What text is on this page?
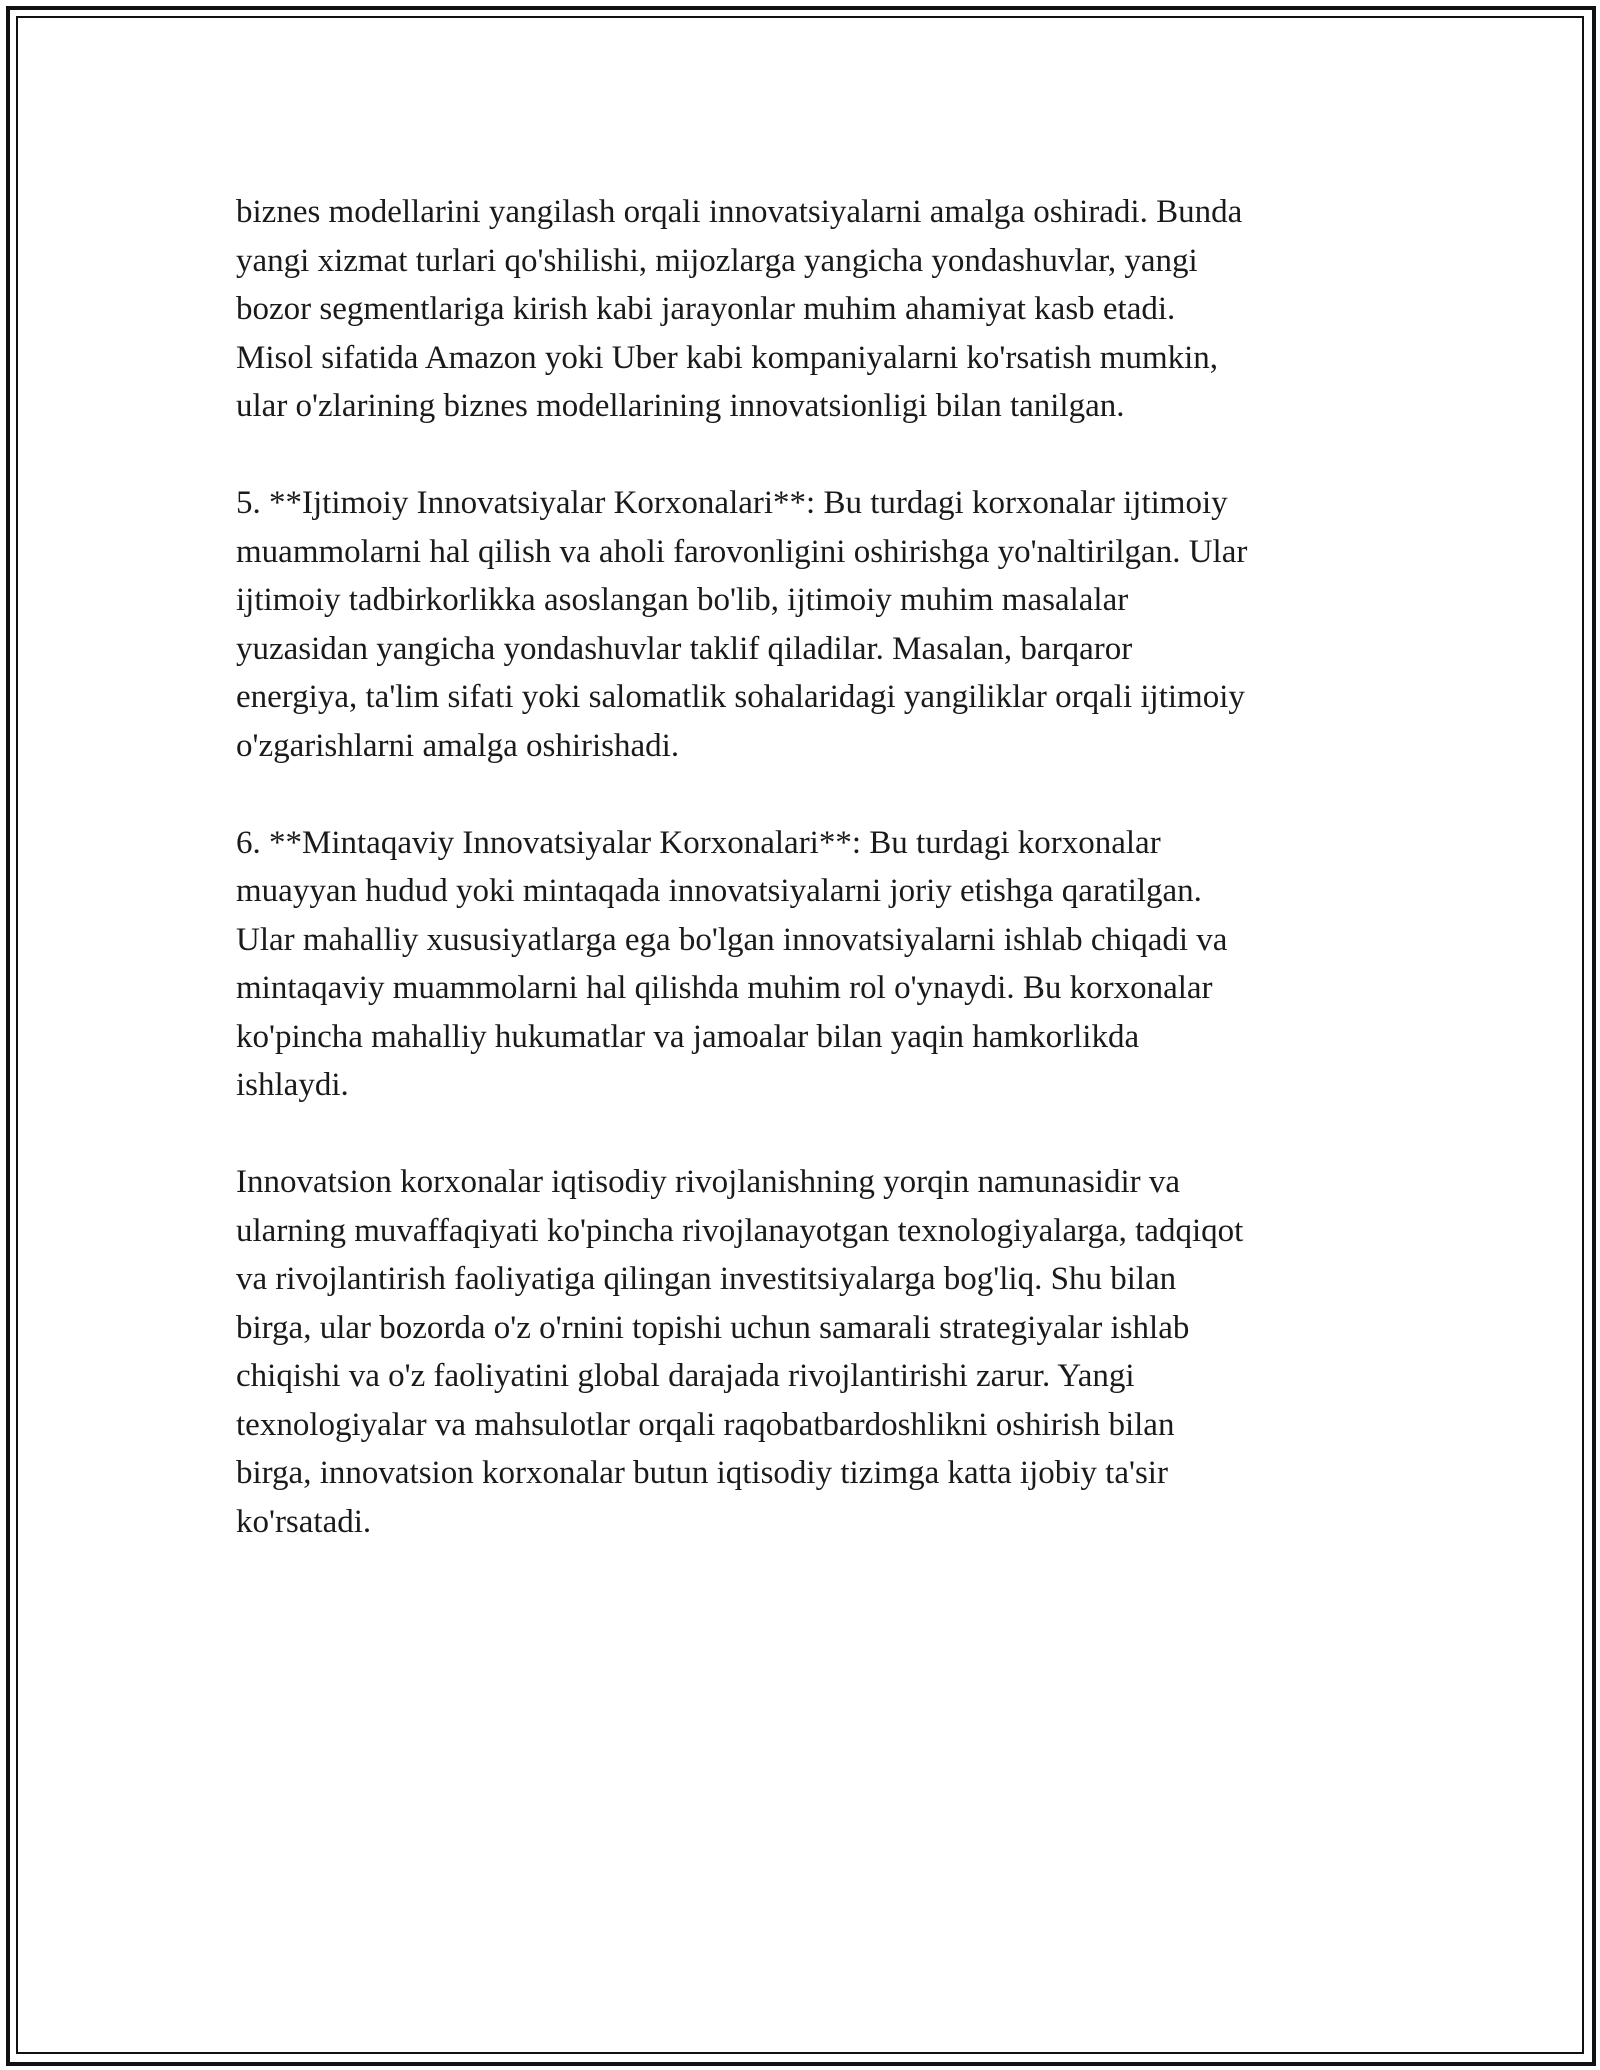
biznes modellarini yangilash orqali innovatsiyalarni amalga oshiradi. Bunda
yangi xizmat turlari qo'shilishi, mijozlarga yangicha yondashuvlar, yangi
bozor segmentlariga kirish kabi jarayonlar muhim ahamiyat kasb etadi.
Misol sifatida Amazon yoki Uber kabi kompaniyalarni ko'rsatish mumkin,
ular o'zlarining biznes modellarining innovatsionligi bilan tanilgan.

5. **Ijtimoiy Innovatsiyalar Korxonalari**: Bu turdagi korxonalar ijtimoiy
muammolarni hal qilish va aholi farovonligini oshirishga yo'naltirilgan. Ular
ijtimoiy tadbirkorlikka asoslangan bo'lib, ijtimoiy muhim masalalar
yuzasidan yangicha yondashuvlar taklif qiladilar. Masalan, barqaror
energiya, ta'lim sifati yoki salomatlik sohalaridagi yangiliklar orqali ijtimoiy
o'zgarishlarni amalga oshirishadi.

6. **Mintaqaviy Innovatsiyalar Korxonalari**: Bu turdagi korxonalar
muayyan hudud yoki mintaqada innovatsiyalarni joriy etishga qaratilgan.
Ular mahalliy xususiyatlarga ega bo'lgan innovatsiyalarni ishlab chiqadi va
mintaqaviy muammolarni hal qilishda muhim rol o'ynaydi. Bu korxonalar
ko'pincha mahalliy hukumatlar va jamoalar bilan yaqin hamkorlikda
ishlaydi.

Innovatsion korxonalar iqtisodiy rivojlanishning yorqin namunasidir va
ularning muvaffaqiyati ko'pincha rivojlanayotgan texnologiyalarga, tadqiqot
va rivojlantirish faoliyatiga qilingan investitsiyalarga bog'liq. Shu bilan
birga, ular bozorda o'z o'rnini topishi uchun samarali strategiyalar ishlab
chiqishi va o'z faoliyatini global darajada rivojlantirishi zarur. Yangi
texnologiyalar va mahsulotlar orqali raqobatbardoshlikni oshirish bilan
birga, innovatsion korxonalar butun iqtisodiy tizimga katta ijobiy ta'sir
ko'rsatadi.
